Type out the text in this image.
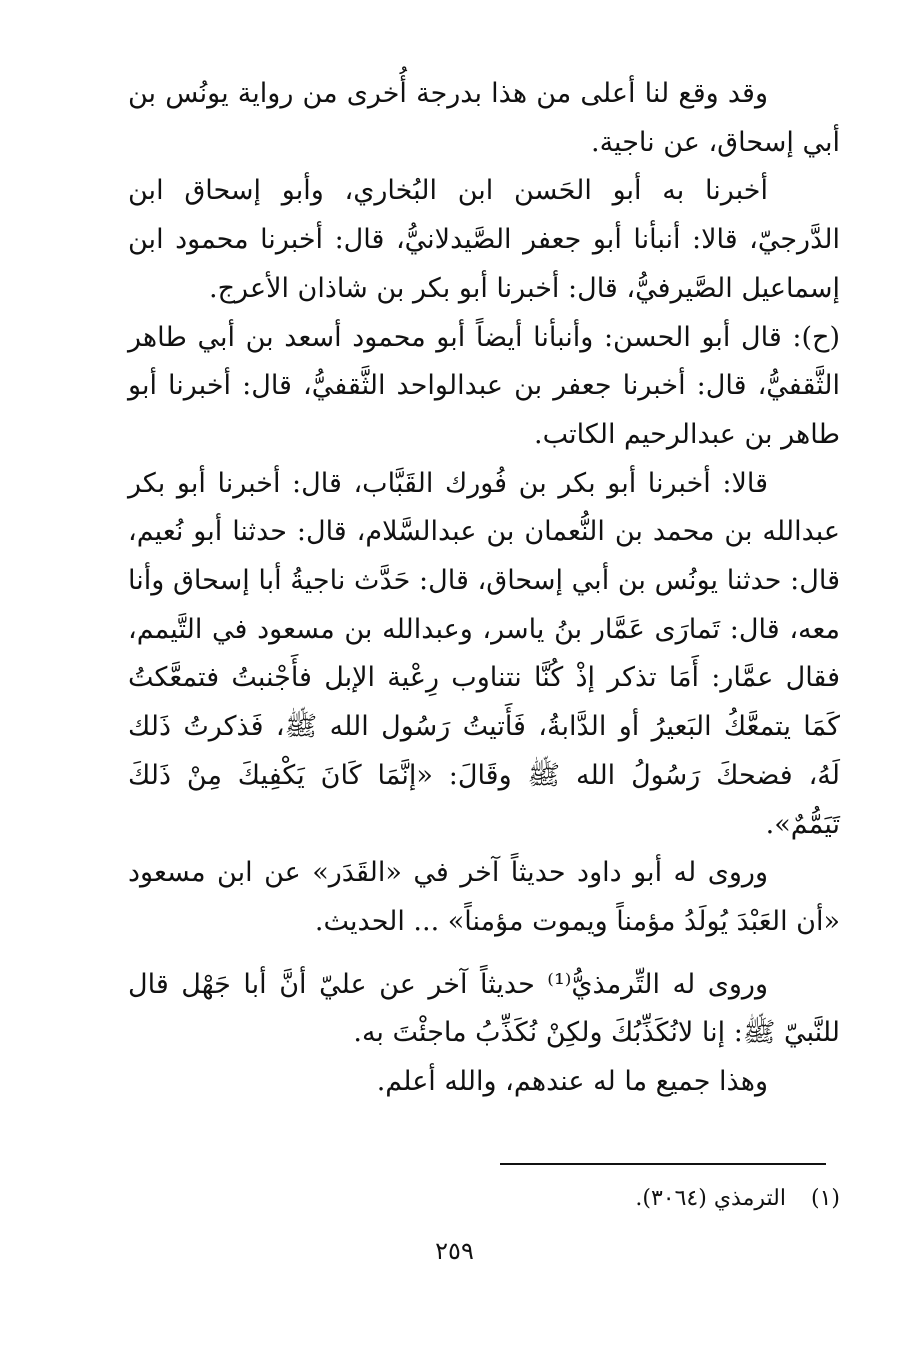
وقد وقع لنا أعلى من هذا بدرجة أُخرى من رواية يونُس بن أبي إسحاق، عن ناجية.

أخبرنا به أبو الحَسن ابن البُخاري، وأبو إسحاق ابن الدَّرجيّ، قالا: أنبأنا أبو جعفر الصَّيدلانيُّ، قال: أخبرنا محمود ابن إسماعيل الصَّيرفيُّ، قال: أخبرنا أبو بكر بن شاذان الأعرج.

(ح): قال أبو الحسن: وأنبأنا أيضاً أبو محمود أسعد بن أبي طاهر الثَّقفيُّ، قال: أخبرنا جعفر بن عبدالواحد الثَّقفيُّ، قال: أخبرنا أبو طاهر بن عبدالرحيم الكاتب.

قالا: أخبرنا أبو بكر بن فُورك القَبَّاب، قال: أخبرنا أبو بكر عبدالله بن محمد بن النُّعمان بن عبدالسَّلام، قال: حدثنا أبو نُعيم، قال: حدثنا يونُس بن أبي إسحاق، قال: حَدَّث ناجيةُ أبا إسحاق وأنا معه، قال: تَمارَى عَمَّار بنُ ياسر، وعبدالله بن مسعود في التَّيمم، فقال عمَّار: أَمَا تذكر إذْ كُنَّا نتناوب رِعْية الإبل فأَجْنبتُ فتمعَّكتُ كَمَا يتمعَّكُ البَعيرُ أو الدَّابةُ، فَأَتيتُ رَسُول الله ﷺ، فَذكرتُ ذَلك لَهُ، فضحكَ رَسُولُ الله ﷺ وقَالَ: «إنَّمَا كَانَ يَكْفِيكَ مِنْ ذَلكَ تَيَمُّمٌ».

وروى له أبو داود حديثاً آخر في «القَدَر» عن ابن مسعود «أن العَبْدَ يُولَدُ مؤمناً ويموت مؤمناً» ... الحديث.

وروى له التِّرمذيُّ⁽¹⁾ حديثاً آخر عن عليّ أنَّ أبا جَهْل قال للنَّبيّ ﷺ: إنا لانُكَذِّبُكَ ولكِنْ نُكَذِّبُ ماجئْتَ به.

وهذا جميع ما له عندهم، والله أعلم.

(١) الترمذي (٣٠٦٤).

٢٥٩
